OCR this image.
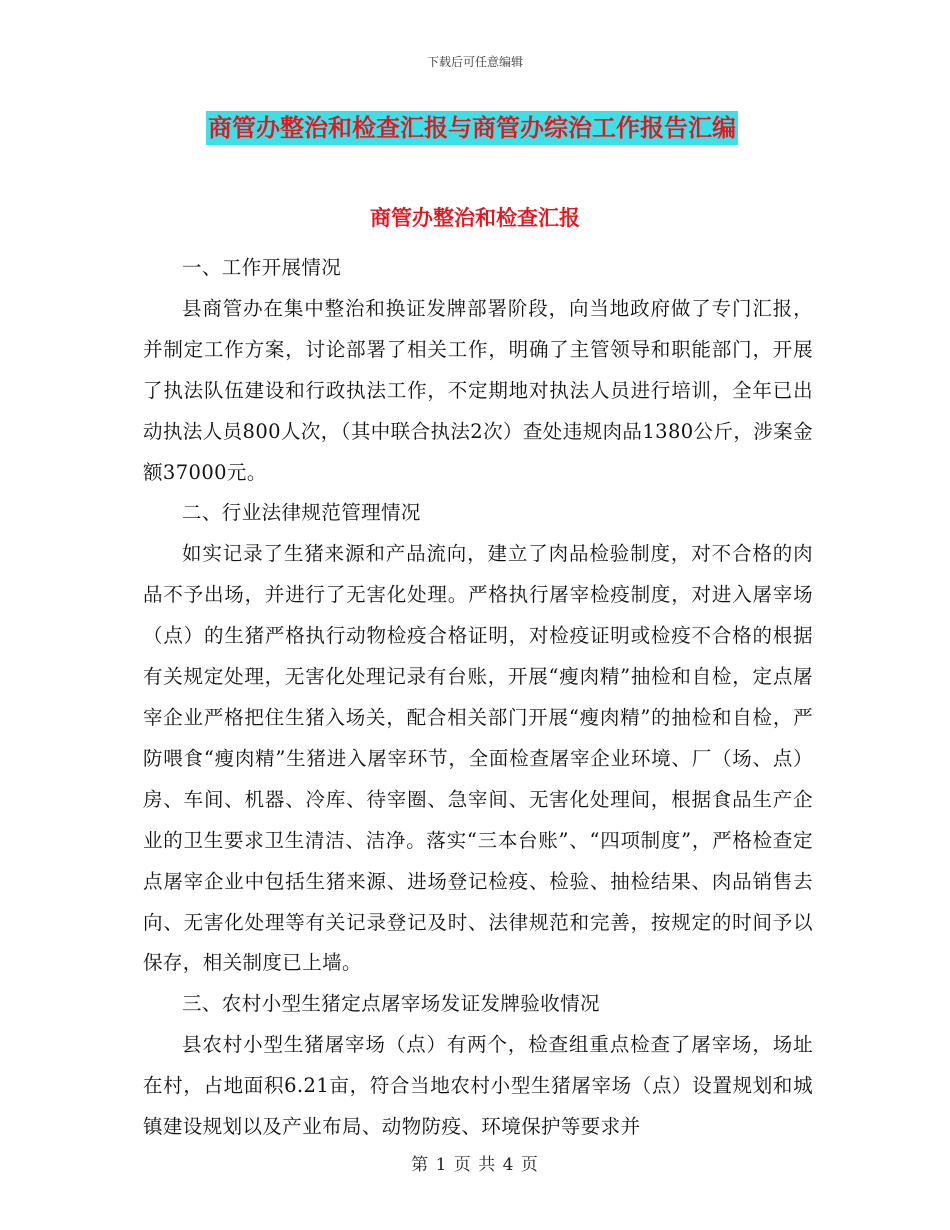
下载后可任意编辑
商管办整治和检查汇报与商管办综治工作报告汇编
商管办整治和检查汇报

一、工作开展情况

县商管办在集中整治和换证发牌部署阶段，向当地政府做了专门汇报，并制定工作方案，讨论部署了相关工作，明确了主管领导和职能部门，开展了执法队伍建设和行政执法工作，不定期地对执法人员进行培训，全年已出动执法人员800人次，（其中联合执法2次）查处违规肉品1380公斤，涉案金额37000元。

二、行业法律规范管理情况

如实记录了生猪来源和产品流向，建立了肉品检验制度，对不合格的肉品不予出场，并进行了无害化处理。严格执行屠宰检疫制度，对进入屠宰场（点）的生猪严格执行动物检疫合格证明，对检疫证明或检疫不合格的根据有关规定处理，无害化处理记录有台账，开展“瘦肉精”抽检和自检，定点屠宰企业严格把住生猪入场关，配合相关部门开展“瘦肉精”的抽检和自检，严防喂食“瘦肉精”生猪进入屠宰环节，全面检查屠宰企业环境、厂（场、点）房、车间、机器、冷库、待宰圈、急宰间、无害化处理间，根据食品生产企业的卫生要求卫生清洁、洁净。落实“三本台账”、“四项制度”，严格检查定点屠宰企业中包括生猪来源、进场登记检疫、检验、抽检结果、肉品销售去向、无害化处理等有关记录登记及时、法律规范和完善，按规定的时间予以保存，相关制度已上墙。

三、农村小型生猪定点屠宰场发证发牌验收情况

县农村小型生猪屠宰场（点）有两个，检查组重点检查了屠宰场，场址在村，占地面积6.21亩，符合当地农村小型生猪屠宰场（点）设置规划和城镇建设规划以及产业布局、动物防疫、环境保护等要求并

第 1 页 共 4 页
